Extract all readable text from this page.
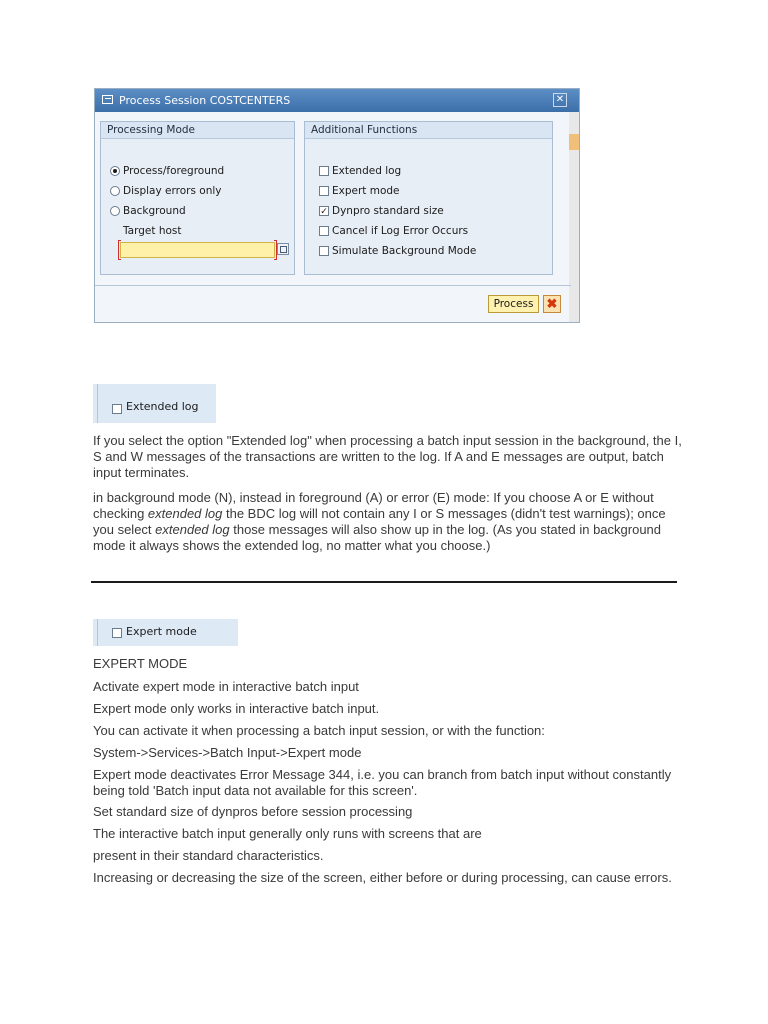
Process Session COSTCENTERS	✕
Processing Mode
Process/foreground
Display errors only
Background
Target host
Additional Functions
Extended log
Expert mode
✓ Dynpro standard size
Cancel if Log Error Occurs
Simulate Background Mode
Process	✖
Extended log
If you select the option "Extended log" when processing a batch input session in the background, the I, S and W messages of the transactions are written to the log. If A and E messages are output, batch input terminates.
in background mode (N), instead in foreground (A) or error (E) mode: If you choose A or E without checking extended log the BDC log will not contain any I or S messages (didn't test warnings); once you select extended log those messages will also show up in the log. (As you stated in background mode it always shows the extended log, no matter what you choose.)
Expert mode
EXPERT MODE
Activate expert mode in interactive batch input
Expert mode only works in interactive batch input.
You can activate it when processing a batch input session, or with the function:
System->Services->Batch Input->Expert mode
Expert mode deactivates Error Message 344, i.e. you can branch from batch input without constantly being told 'Batch input data not available for this screen'.
Set standard size of dynpros before session processing
The interactive batch input generally only runs with screens that are
present in their standard characteristics.
Increasing or decreasing the size of the screen, either before or during processing, can cause errors.
